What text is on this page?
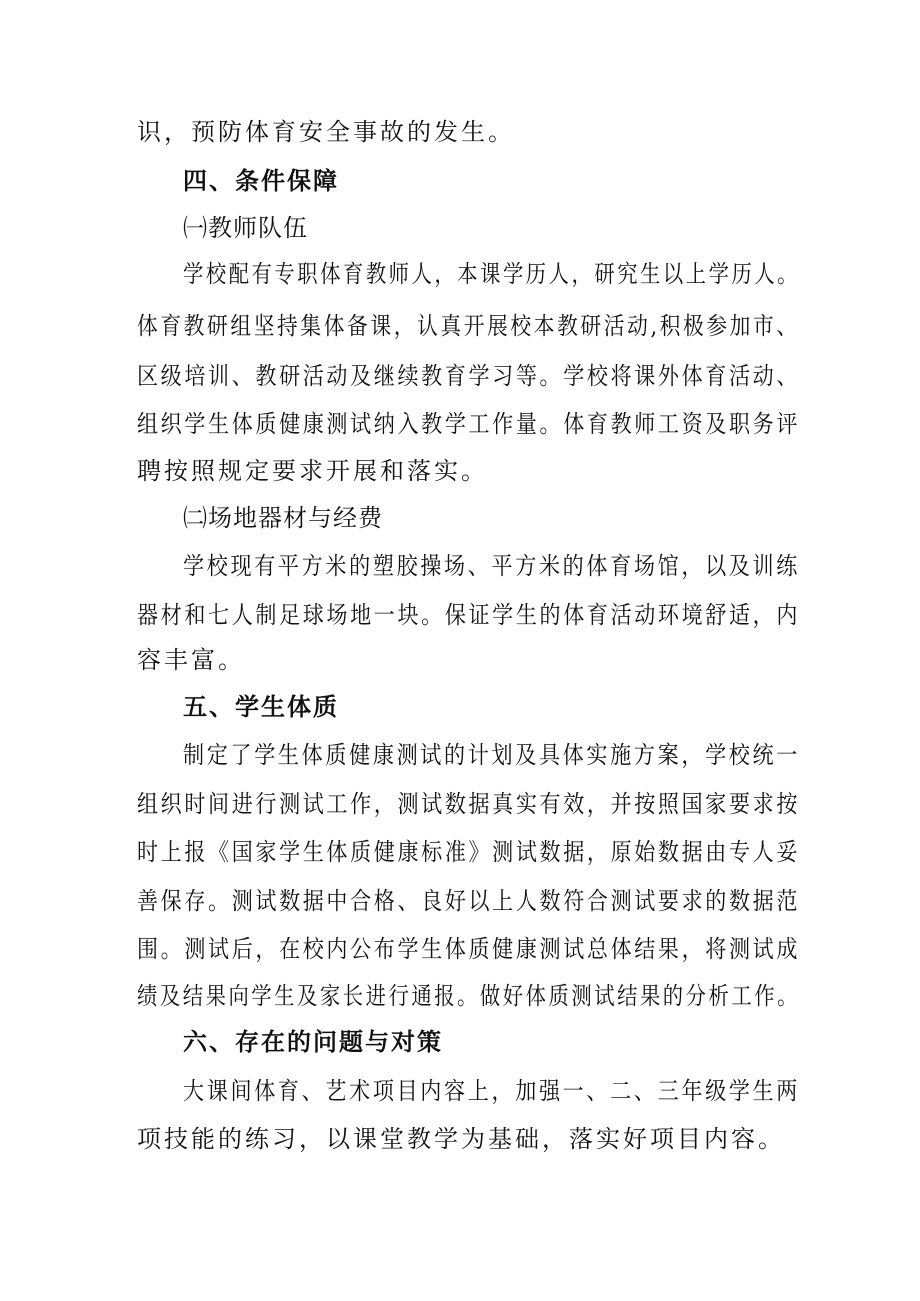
识，预防体育安全事故的发生。
四、条件保障
㈠教师队伍
学校配有专职体育教师人，本课学历人，研究生以上学历人。
体育教研组坚持集体备课，认真开展校本教研活动,积极参加市、
区级培训、教研活动及继续教育学习等。学校将课外体育活动、
组织学生体质健康测试纳入教学工作量。体育教师工资及职务评
聘按照规定要求开展和落实。
㈡场地器材与经费
学校现有平方米的塑胶操场、平方米的体育场馆，以及训练
器材和七人制足球场地一块。保证学生的体育活动环境舒适，内
容丰富。
五、学生体质
制定了学生体质健康测试的计划及具体实施方案，学校统一
组织时间进行测试工作，测试数据真实有效，并按照国家要求按
时上报《国家学生体质健康标准》测试数据，原始数据由专人妥
善保存。测试数据中合格、良好以上人数符合测试要求的数据范
围。测试后，在校内公布学生体质健康测试总体结果，将测试成
绩及结果向学生及家长进行通报。做好体质测试结果的分析工作。
六、存在的问题与对策
大课间体育、艺术项目内容上，加强一、二、三年级学生两
项技能的练习，以课堂教学为基础，落实好项目内容。
